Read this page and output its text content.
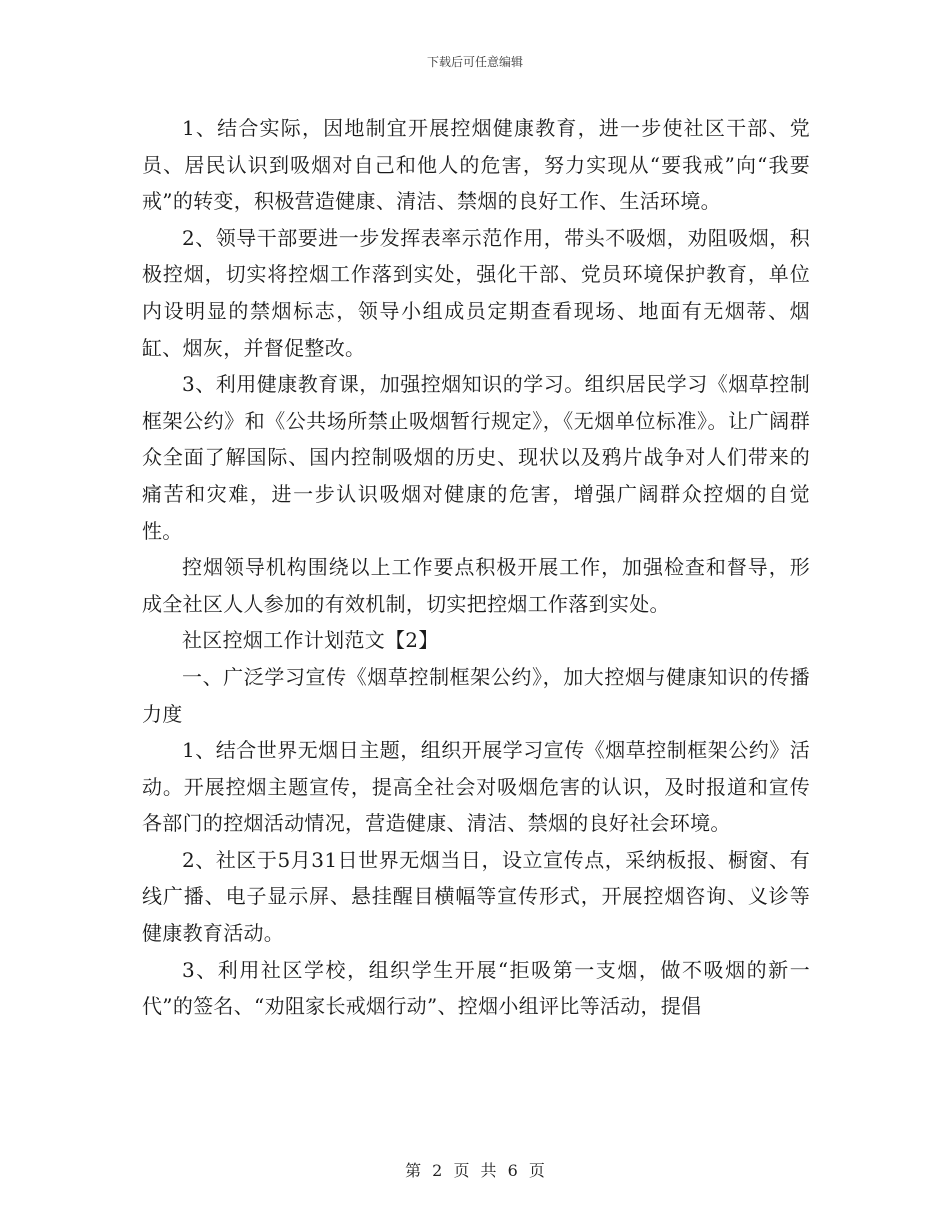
下载后可任意编辑

1、结合实际，因地制宜开展控烟健康教育，进一步使社区干部、党员、居民认识到吸烟对自己和他人的危害，努力实现从“要我戒”向“我要戒”的转变，积极营造健康、清洁、禁烟的良好工作、生活环境。

2、领导干部要进一步发挥表率示范作用，带头不吸烟，劝阻吸烟，积极控烟，切实将控烟工作落到实处，强化干部、党员环境保护教育，单位内设明显的禁烟标志，领导小组成员定期查看现场、地面有无烟蒂、烟缸、烟灰，并督促整改。

3、利用健康教育课，加强控烟知识的学习。组织居民学习《烟草控制框架公约》和《公共场所禁止吸烟暂行规定》，《无烟单位标准》。让广阔群众全面了解国际、国内控制吸烟的历史、现状以及鸦片战争对人们带来的痛苦和灾难，进一步认识吸烟对健康的危害，增强广阔群众控烟的自觉性。

控烟领导机构围绕以上工作要点积极开展工作，加强检查和督导，形成全社区人人参加的有效机制，切实把控烟工作落到实处。

社区控烟工作计划范文【2】

一、广泛学习宣传《烟草控制框架公约》，加大控烟与健康知识的传播力度

1、结合世界无烟日主题，组织开展学习宣传《烟草控制框架公约》活动。开展控烟主题宣传，提高全社会对吸烟危害的认识，及时报道和宣传各部门的控烟活动情况，营造健康、清洁、禁烟的良好社会环境。

2、社区于5月31日世界无烟当日，设立宣传点，采纳板报、橱窗、有线广播、电子显示屏、悬挂醒目横幅等宣传形式，开展控烟咨询、义诊等健康教育活动。

3、利用社区学校，组织学生开展“拒吸第一支烟，做不吸烟的新一代”的签名、“劝阻家长戒烟行动”、控烟小组评比等活动，提倡

第 2 页 共 6 页
